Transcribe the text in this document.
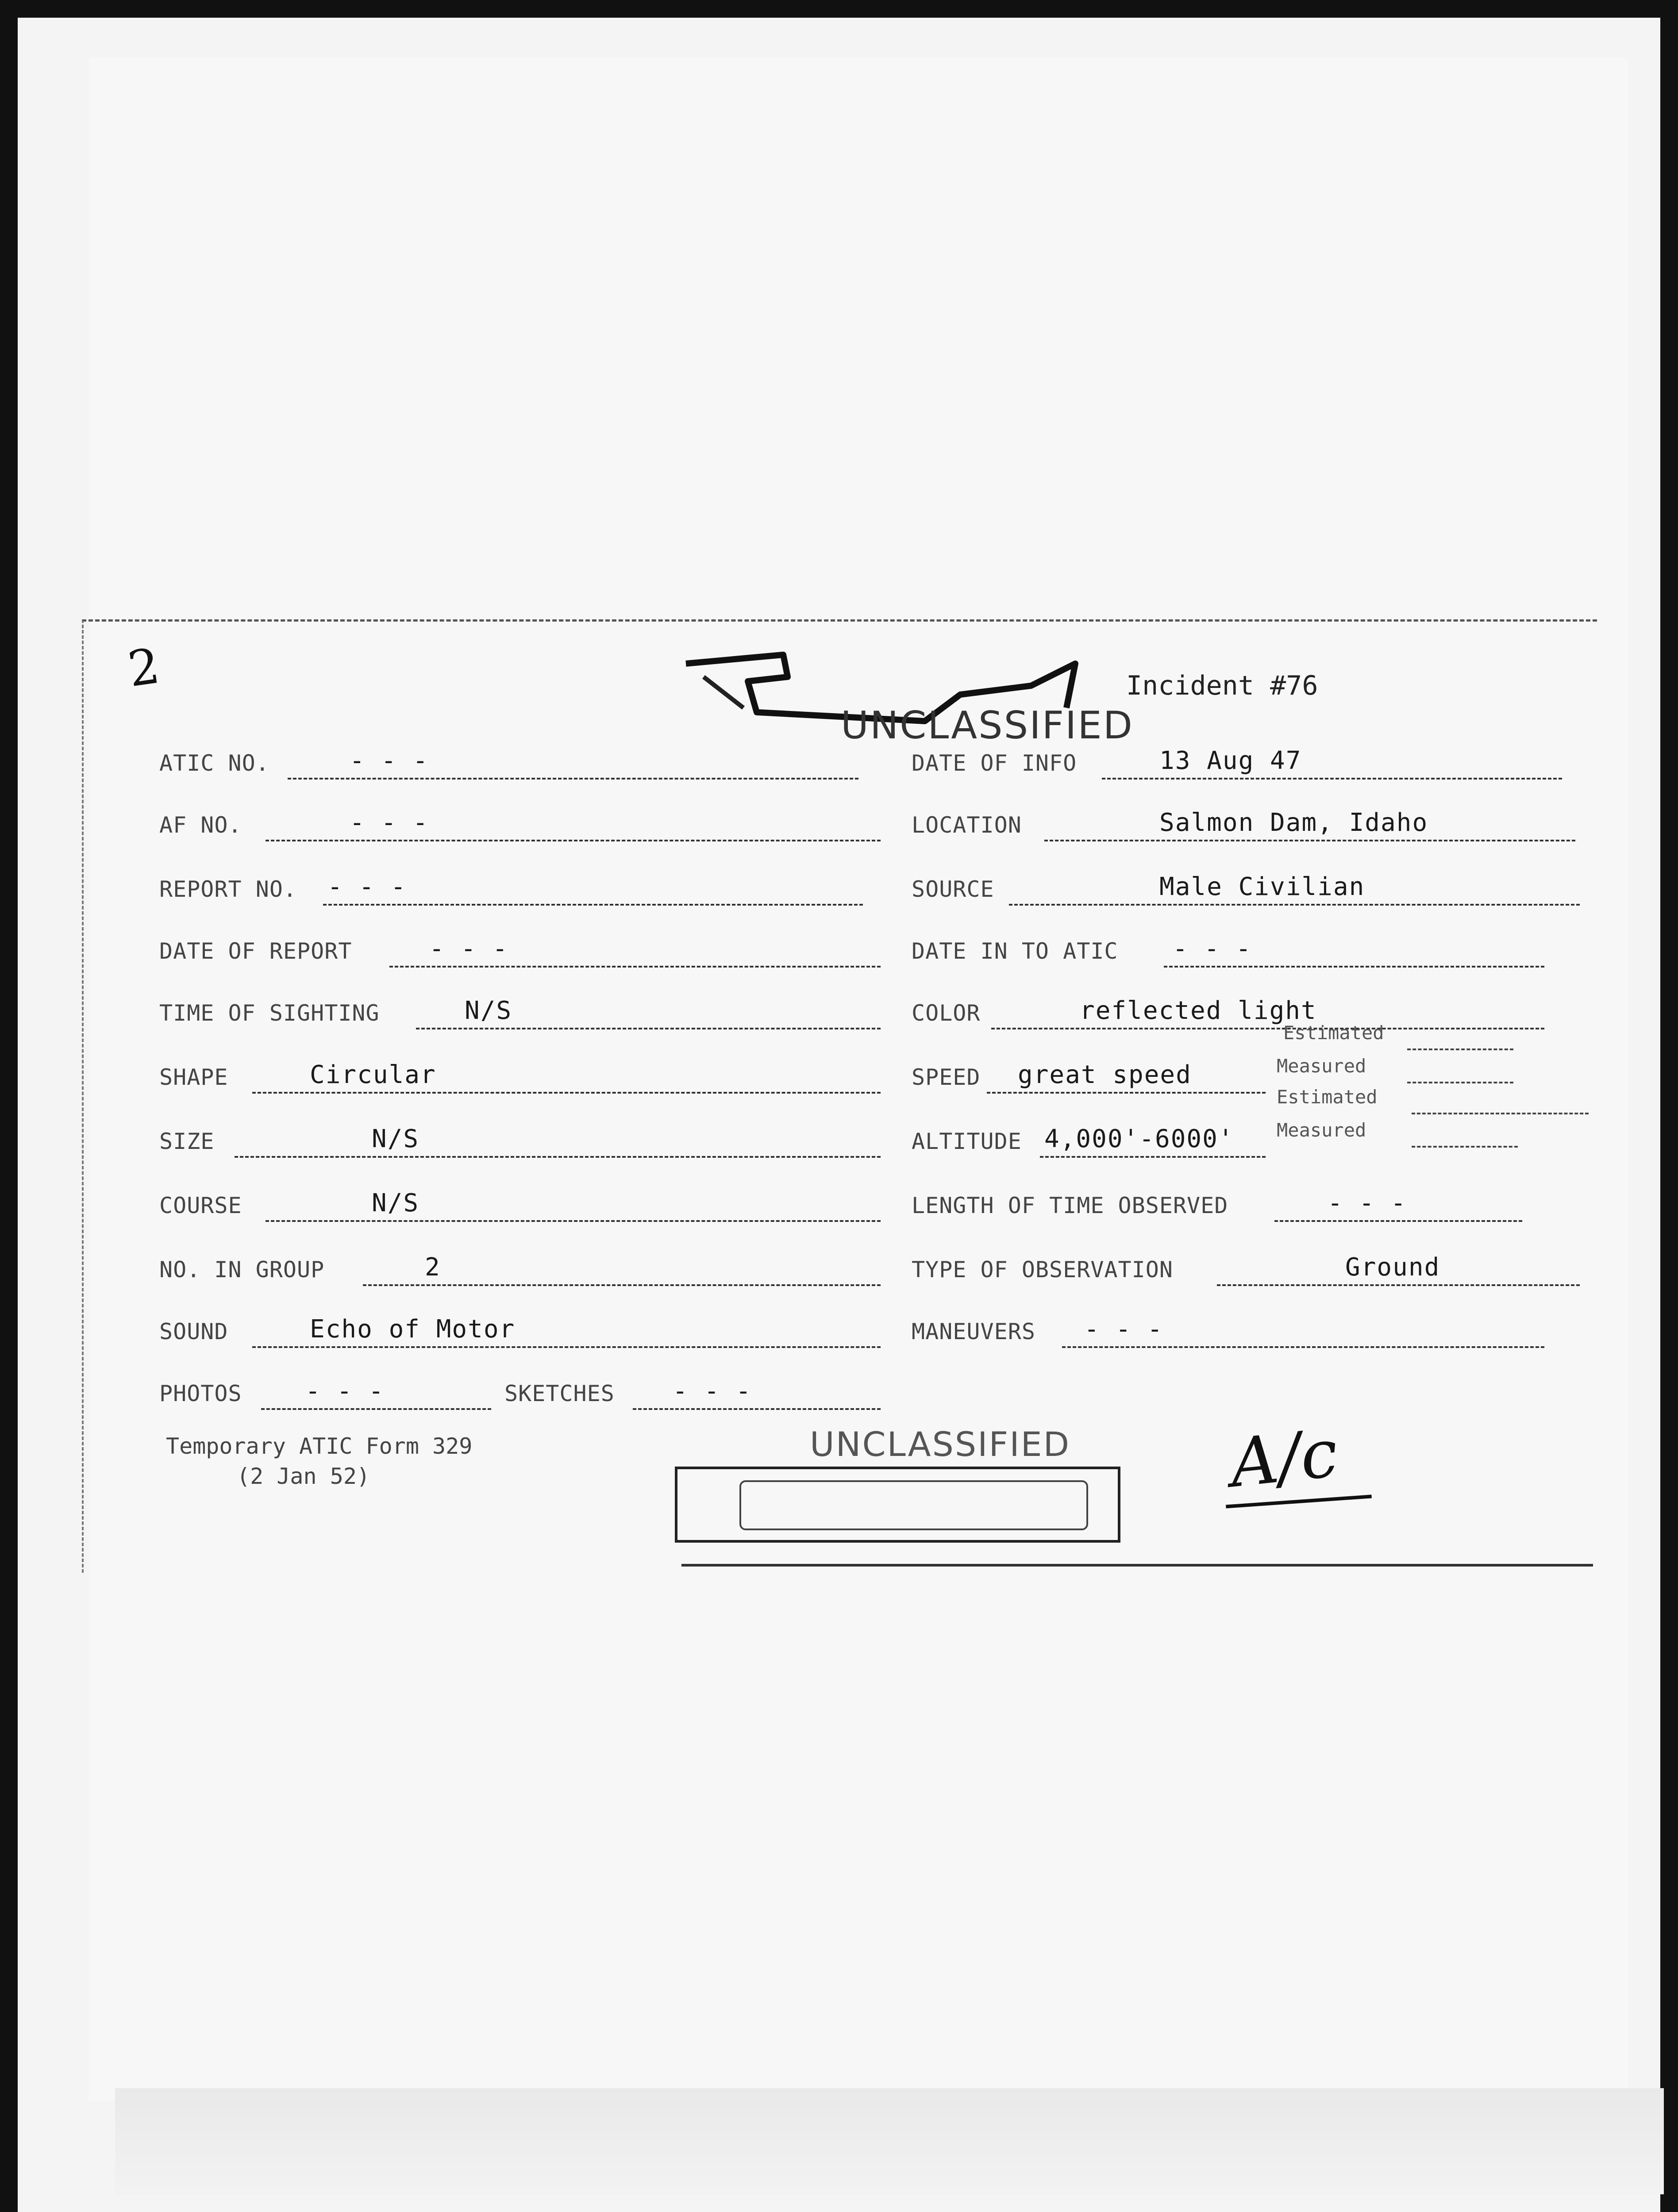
2
UNCLASSIFIED
Incident #76
ATIC NO.	- - -
AF NO.	- - -
REPORT NO. - - -
DATE OF REPORT	- - -
TIME OF SIGHTING	N/S
SHAPE	Circular
SIZE	N/S
COURSE	N/S
NO. IN GROUP	2
SOUND	Echo of Motor
PHOTOS	- - -	SKETCHES - - -
DATE OF INFO	13 Aug 47
LOCATION	Salmon Dam, Idaho
SOURCE	Male Civilian
DATE IN TO ATIC - - -
COLOR	reflected light
SPEED great speed
ALTITUDE 4,000'-6000'
LENGTH OF TIME OBSERVED	- - -
TYPE OF OBSERVATION	Ground
MANEUVERS - - -
Estimated
Measured
Estimated
Measured
Temporary ATIC Form 329
(2 Jan 52)
UNCLASSIFIED A/c
